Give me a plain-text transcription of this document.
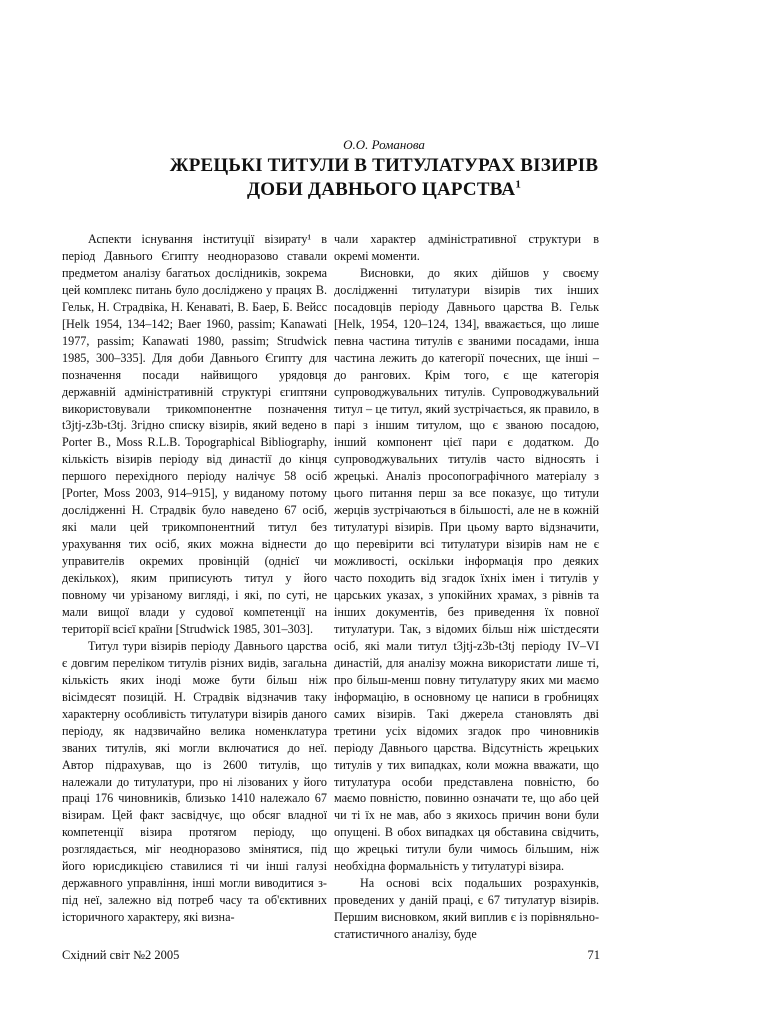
О.О. Романова
ЖРЕЦЬКІ ТИТУЛИ В ТИТУЛАТУРАХ ВІЗИРІВ
ДОБИ ДАВНЬОГО ЦАРСТВА$^1$

Аспекти існування інституції візирату¹ в період Давнього Єгипту неодноразово ставали предметом аналізу багатьох дослідників, зокрема цей комплекс питань було досліджено у працях В. Гельк, Н. Страдвіка, Н. Кенаваті, В. Баер, Б. Вейсс [Helk 1954, 134–142; Baer 1960, passim; Kanawati 1977, passim; Kanawati 1980, passim; Strudwick 1985, 300–335]. Для доби Давнього Єгипту для позначення посади найвищого урядовця державній адміністративній структурі єгиптяни використовували трикомпонентне позначення t3jtj-z3b-t3tj. Згідно списку візирів, який ведено в Porter B., Moss R.L.B. Topographical Bibliography, кількість візирів періоду від династії до кінця першого перехідного періоду налічує 58 осіб [Porter, Moss 2003, 914–915], у виданому потому дослідженні Н. Страдвік було наведено 67 осіб, які мали цей трикомпонентний титул без урахування тих осіб, яких можна віднести до управителів окремих провінцій (однієї чи декількох), яким приписують титул у його повному чи урізаному вигляді, і які, по суті, не мали вищої влади у судової компетенції на території всієї країни [Strudwick 1985, 301–303].

Титул тури візирів періоду Давнього царства є довгим переліком титулів різних видів, загальна кількість яких іноді може бути більш ніж вісімдесят позицій. Н. Страдвік відзначив таку характерну особливість титулатури візирів даного періоду, як надзвичайно велика номенклатура званих титулів, які могли включатися до неї. Автор підрахував, що із 2600 титулів, що належали до титулатури, про ні лізованих у його праці 176 чиновників, близько 1410 належало 67 візирам. Цей факт засвідчує, що обсяг владної компетенції візира протягом періоду, що розглядається, міг неодноразово змінятися, під його юрисдикцією ставилися ті чи інші галузі державного управління, інші могли виводитися з-під неї, залежно від потреб часу та об'єктивних історичного характеру, які визна-

чали характер адміністративної структури в окремі моменти.

Висновки, до яких дійшов у своєму дослідженні титулатури візирів тих інших посадовців періоду Давнього царства В. Гельк [Helk, 1954, 120–124, 134], вважається, що лише певна частина титулів є званими посадами, інша частина лежить до категорії почесних, ще інші – до рангових. Крім того, є ще категорія супроводжувальних титулів. Супроводжувальний титул – це титул, який зустрічається, як правило, в парі з іншим титулом, що є званою посадою, інший компонент цієї пари є додатком. До супроводжувальних титулів часто відносять і жрецькі. Аналіз просопографічного матеріалу з цього питання перш за все показує, що титули жерців зустрічаються в більшості, але не в кожній титулатурі візирів. При цьому варто відзначити, що перевірити всі титулатури візирів нам не є можливості, оскільки інформація про деяких часто походить від згадок їхніх імен і титулів у царських указах, з упокійних храмах, з рівнів та інших документів, без приведення їх повної титулатури. Так, з відомих більш ніж шістдесяти осіб, які мали титул t3jtj-z3b-t3tj періоду IV–VI династій, для аналізу можна використати лише ті, про більш-менш повну титулатуру яких ми маємо інформацію, в основному це написи в гробницях самих візирів. Такі джерела становлять дві третини усіх відомих згадок про чиновників періоду Давнього царства. Відсутність жрецьких титулів у тих випадках, коли можна вважати, що титулатура особи представлена повністю, бо маємо повністю, повинно означати те, що або цей чи ті їх не мав, або з якихось причин вони були опущені. В обох випадках ця обставина свідчить, що жрецькі титули були чимось більшим, ніж необхідна формальність у титулатурі візира.

На основі всіх подальших розрахунків, проведених у даній праці, є 67 титулатур візирів. Першим висновком, який виплив є із порівняльно-статистичного аналізу, буде

Східний світ №2 2005	71
